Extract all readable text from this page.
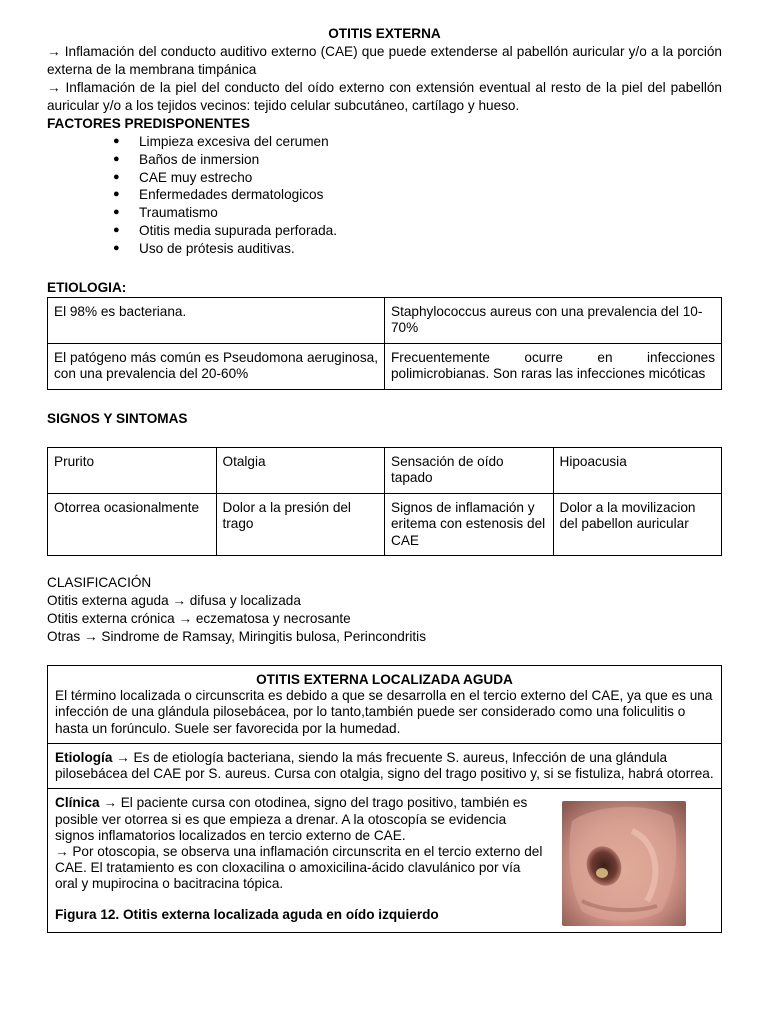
OTITIS EXTERNA
→ Inflamación del conducto auditivo externo (CAE) que puede extenderse al pabellón auricular y/o a la porción externa de la membrana timpánica
→ Inflamación de la piel del conducto del oído externo con extensión eventual al resto de la piel del pabellón auricular y/o a los tejidos vecinos: tejido celular subcutáneo, cartílago y hueso.
FACTORES PREDISPONENTES
● Limpieza excesiva del cerumen
● Baños de inmersion
● CAE muy estrecho
● Enfermedades dermatologicos
● Traumatismo
● Otitis media supurada perforada.
● Uso de prótesis auditivas.
ETIOLOGIA:
El 98% es bacteriana.	Staphylococcus aureus con una prevalencia del 10-70%
El patógeno más común es Pseudomona aeruginosa, con una prevalencia del 20-60%	Frecuentemente ocurre en infecciones polimicrobianas. Son raras las infecciones micóticas
SIGNOS Y SINTOMAS
Prurito	Otalgia	Sensación de oído tapado	Hipoacusia
Otorrea ocasionalmente	Dolor a la presión del trago	Signos de inflamación y eritema con estenosis del CAE	Dolor a la movilizacion del pabellon auricular
CLASIFICACIÓN
Otitis externa aguda → difusa y localizada
Otitis externa crónica → eczematosa y necrosante
Otras → Sindrome de Ramsay, Miringitis bulosa, Perincondritis
OTITIS EXTERNA LOCALIZADA AGUDA
El término localizada o circunscrita es debido a que se desarrolla en el tercio externo del CAE, ya que es una infección de una glándula pilosebácea, por lo tanto,también puede ser considerado como una foliculitis o hasta un forúnculo. Suele ser favorecida por la humedad.
Etiología → Es de etiología bacteriana, siendo la más frecuente S. aureus, Infección de una glándula pilosebácea del CAE por S. aureus. Cursa con otalgia, signo del trago positivo y, si se fistuliza, habrá otorrea.
Clínica → El paciente cursa con otodinea, signo del trago positivo, también es posible ver otorrea si es que empieza a drenar. A la otoscopía se evidencia signos inflamatorios localizados en tercio externo de CAE.
→ Por otoscopia, se observa una inflamación circunscrita en el tercio externo del CAE. El tratamiento es con cloxacilina o amoxicilina-ácido clavulánico por vía oral y mupirocina o bacitracina tópica.
Figura 12. Otitis externa localizada aguda en oído izquierdo
